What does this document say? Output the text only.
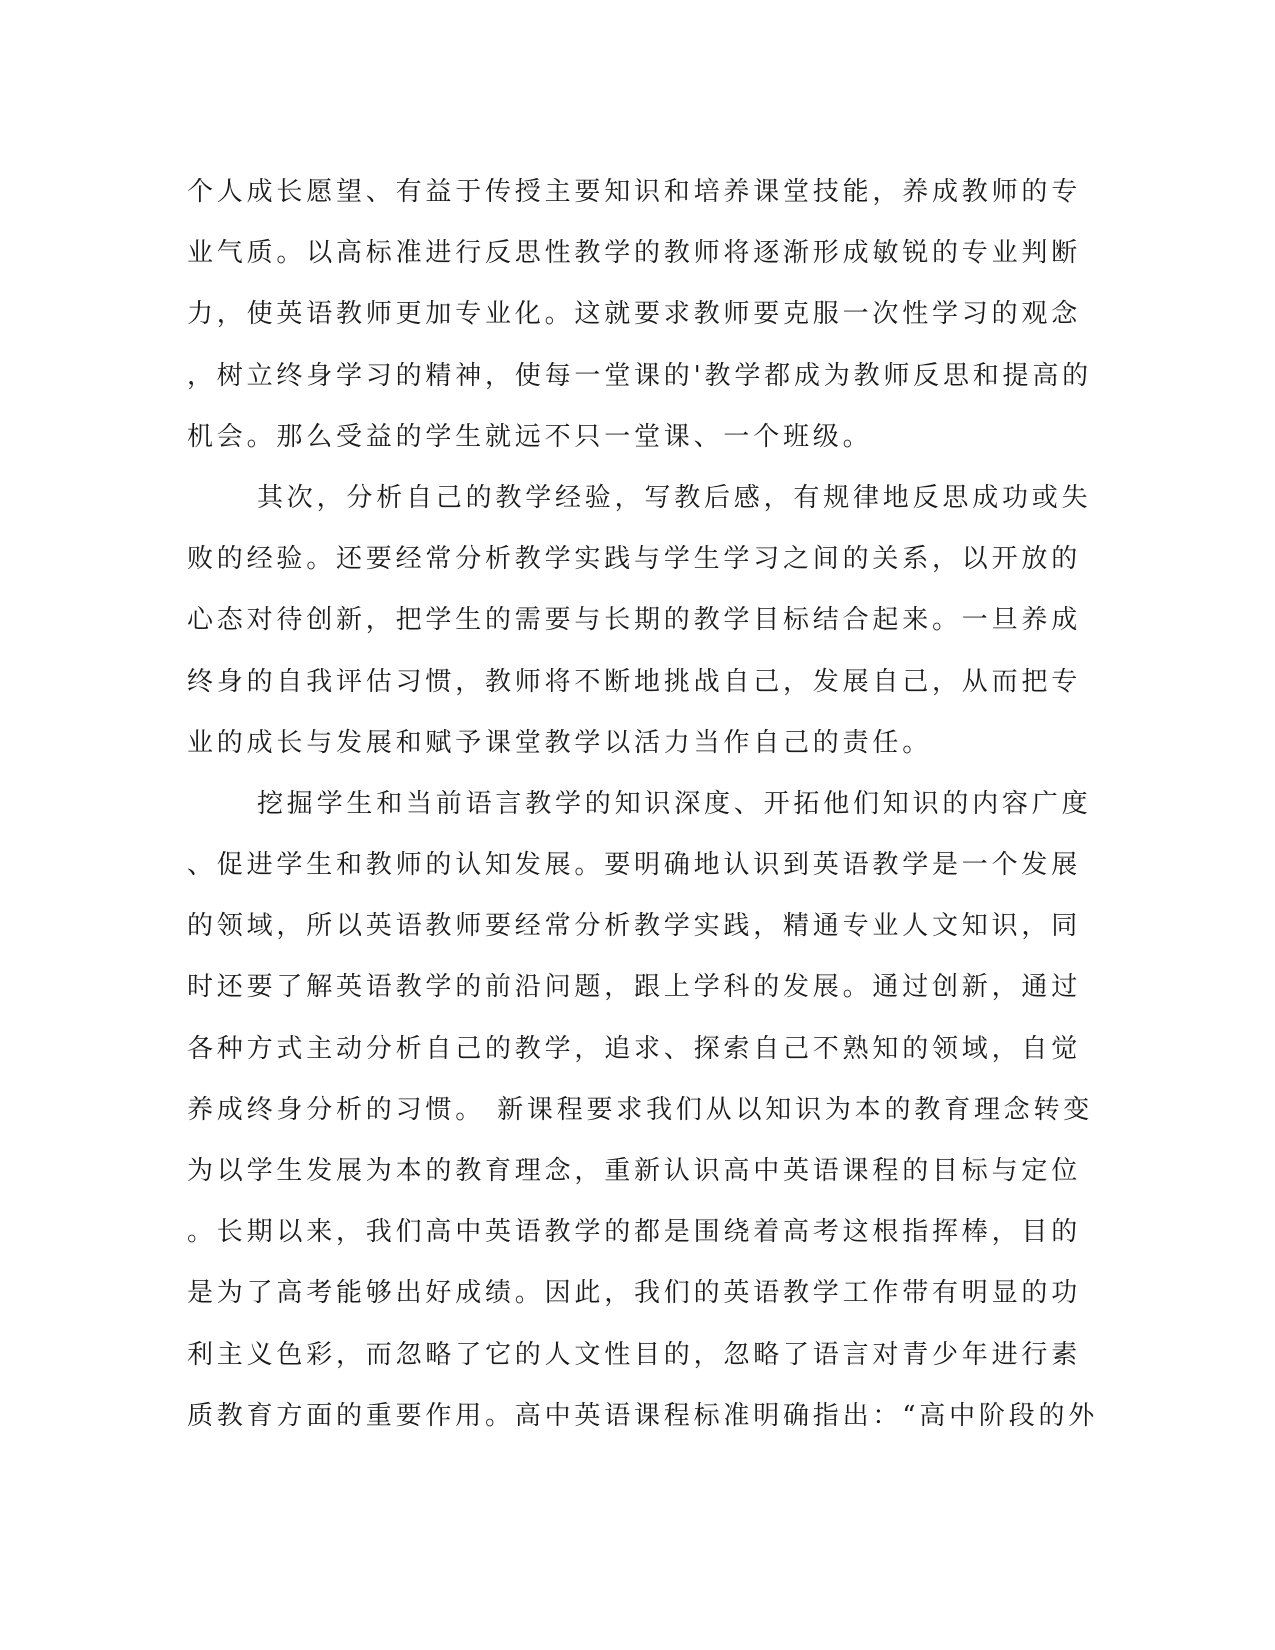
个人成长愿望、有益于传授主要知识和培养课堂技能，养成教师的专
业气质。以高标准进行反思性教学的教师将逐渐形成敏锐的专业判断
力，使英语教师更加专业化。这就要求教师要克服一次性学习的观念
，树立终身学习的精神，使每一堂课的'教学都成为教师反思和提高的
机会。那么受益的学生就远不只一堂课、一个班级。
其次，分析自己的教学经验，写教后感，有规律地反思成功或失
败的经验。还要经常分析教学实践与学生学习之间的关系，以开放的
心态对待创新，把学生的需要与长期的教学目标结合起来。一旦养成
终身的自我评估习惯，教师将不断地挑战自己，发展自己，从而把专
业的成长与发展和赋予课堂教学以活力当作自己的责任。
挖掘学生和当前语言教学的知识深度、开拓他们知识的内容广度
、促进学生和教师的认知发展。要明确地认识到英语教学是一个发展
的领域，所以英语教师要经常分析教学实践，精通专业人文知识，同
时还要了解英语教学的前沿问题，跟上学科的发展。通过创新，通过
各种方式主动分析自己的教学，追求、探索自己不熟知的领域，自觉
养成终身分析的习惯。 新课程要求我们从以知识为本的教育理念转变
为以学生发展为本的教育理念，重新认识高中英语课程的目标与定位
。长期以来，我们高中英语教学的都是围绕着高考这根指挥棒，目的
是为了高考能够出好成绩。因此，我们的英语教学工作带有明显的功
利主义色彩，而忽略了它的人文性目的，忽略了语言对青少年进行素
质教育方面的重要作用。高中英语课程标准明确指出：“高中阶段的外
